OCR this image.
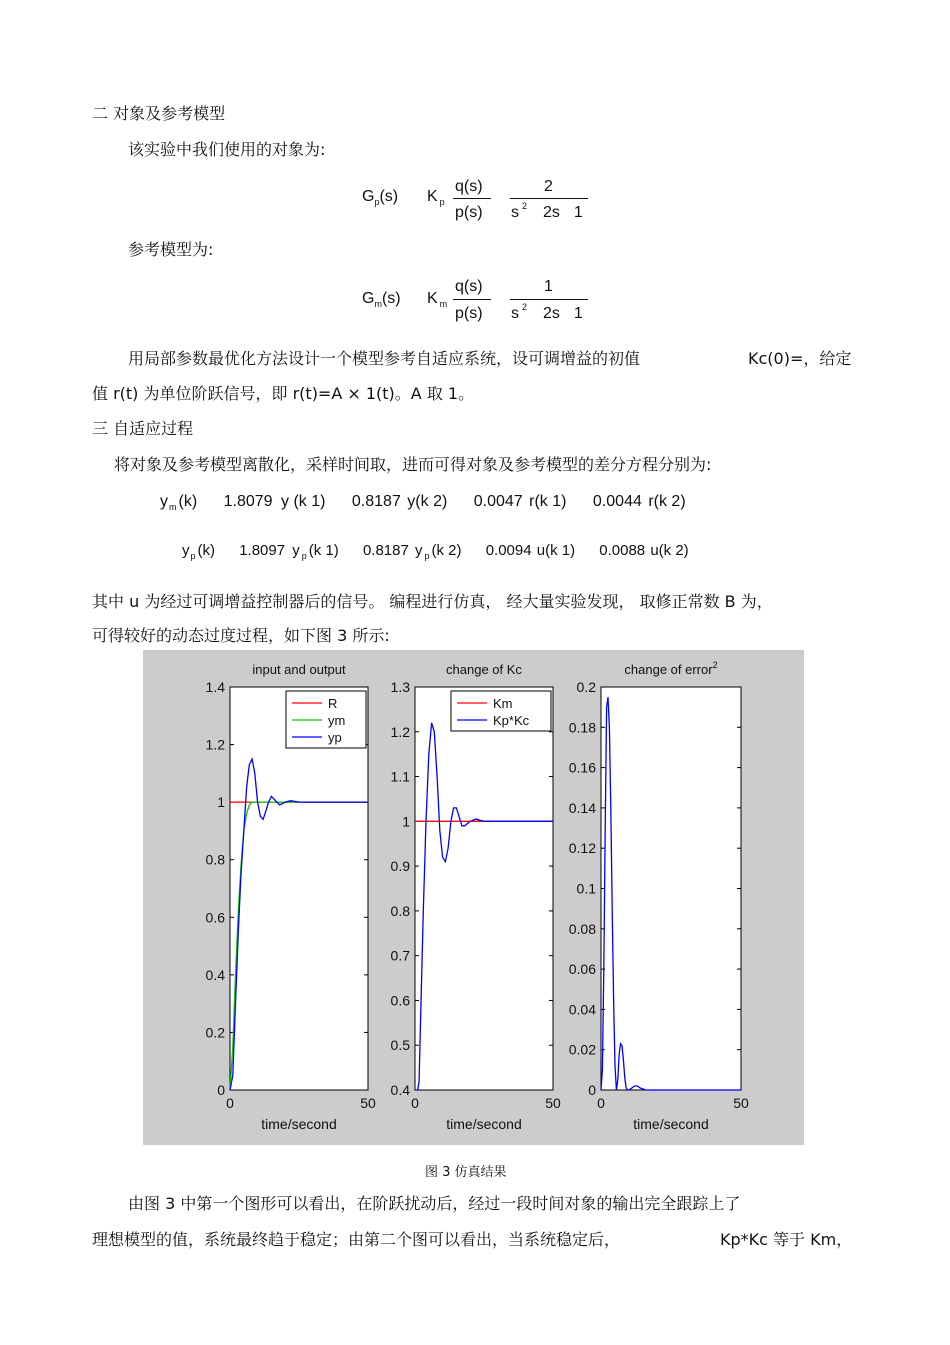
二 对象及参考模型
该实验中我们使用的对象为:
$G_p(s)$ K $_p$
q(s)
p(s)
2
s $^2$ 2s 1
参考模型为:
$G_m(s)$ K $_m$
q(s)
p(s)
1
s $^2$ 2s 1
用局部参数最优化方法设计一个模型参考自适应系统，设可调增益的初值	Kc(0)=，给定
值 r(t) 为单位阶跃信号，即 r(t)=A × 1(t)。A 取 1。
三 自适应过程
将对象及参考模型离散化，采样时间取，进而可得对象及参考模型的差分方程分别为:
$y_m$ (k) 1.8079 y (k 1) 0.8187 y(k 2) 0.0047 r(k 1) 0.0044 r(k 2)
$y_p$ (k) 1.8097 y $_p$ (k 1) 0.8187 y $_p$ (k 2) 0.0094 u(k 1) 0.0088 u(k 2)
其中 u 为经过可调增益控制器后的信号。 编程进行仿真， 经大量实验发现， 取修正常数 B 为，
可得较好的动态过度过程，如下图 3 所示:
input and output
0
0.2
0.4
0.6
0.8
1
1.2
1.4
0	50
time/second
R
ym
yp
change of Kc
0.4
0.5
0.6
0.7
0.8
0.9
1
1.1
1.2
1.3
0	50
time/second
Km
Kp*Kc
change of error$^2$
0
0.02
0.04
0.06
0.08
0.1
0.12
0.14
0.16
0.18
0.2
0	50
time/second
图 3 仿真结果
由图 3 中第一个图形可以看出，在阶跃扰动后，经过一段时间对象的输出完全跟踪上了
理想模型的值，系统最终趋于稳定；由第二个图可以看出，当系统稳定后，	Kp*Kc 等于 Km，
